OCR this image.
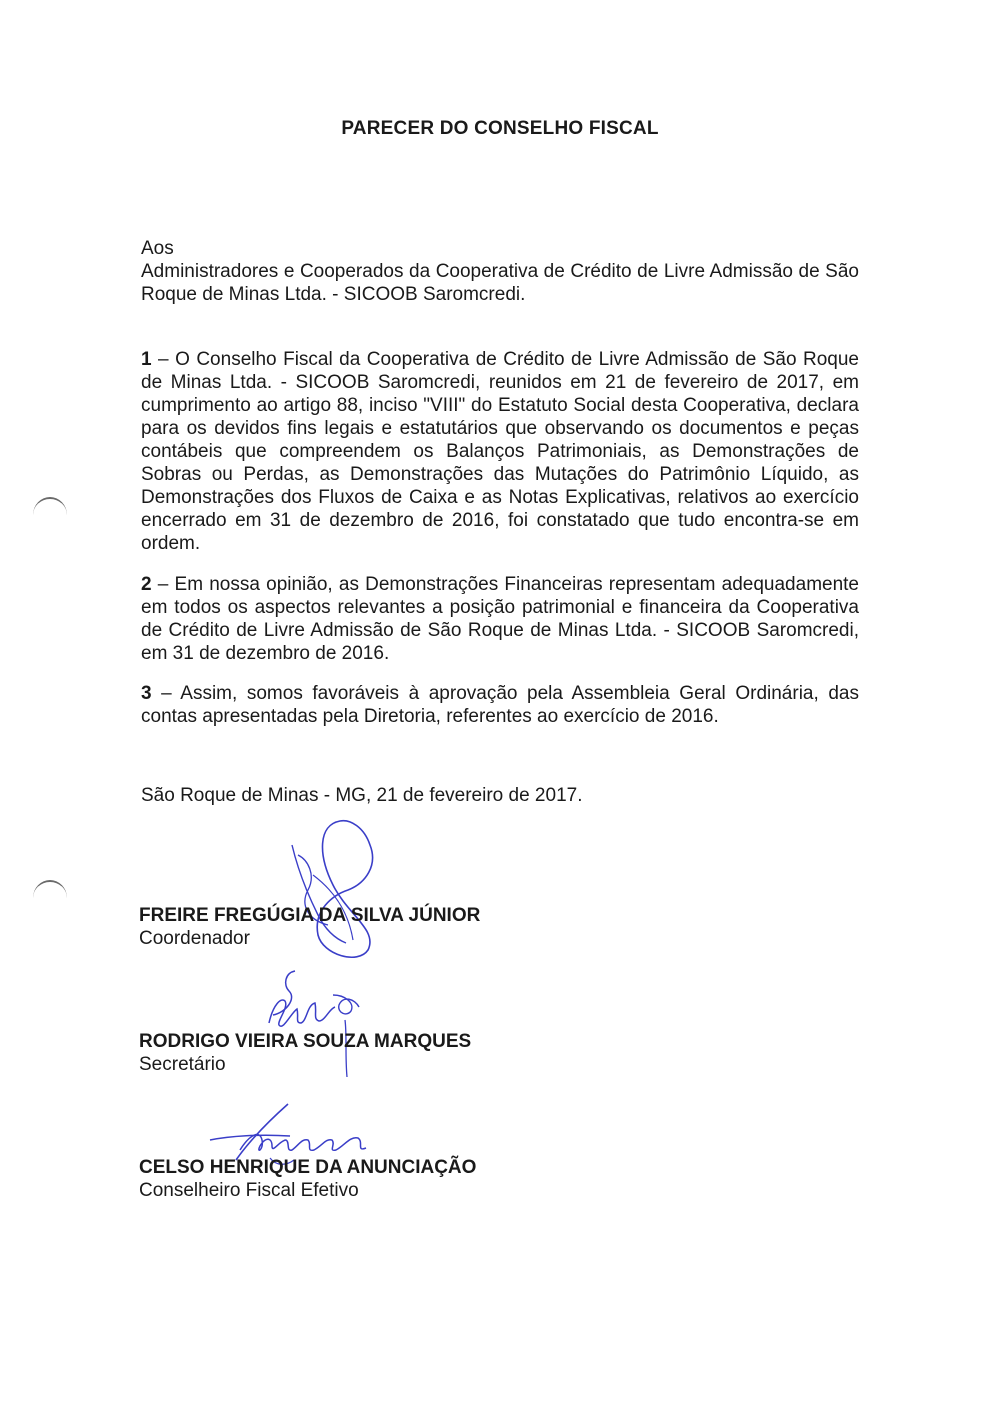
PARECER DO CONSELHO FISCAL
Aos
Administradores e Cooperados da Cooperativa de Crédito de Livre Admissão de São Roque de Minas Ltda. - SICOOB Saromcredi.
1 – O Conselho Fiscal da Cooperativa de Crédito de Livre Admissão de São Roque de Minas Ltda. - SICOOB Saromcredi, reunidos em 21 de fevereiro de 2017, em cumprimento ao artigo 88, inciso "VIII" do Estatuto Social desta Cooperativa, declara para os devidos fins legais e estatutários que observando os documentos e peças contábeis que compreendem os Balanços Patrimoniais, as Demonstrações de Sobras ou Perdas, as Demonstrações das Mutações do Patrimônio Líquido, as Demonstrações dos Fluxos de Caixa e as Notas Explicativas, relativos ao exercício encerrado em 31 de dezembro de 2016, foi constatado que tudo encontra-se em ordem.
2 – Em nossa opinião, as Demonstrações Financeiras representam adequadamente em todos os aspectos relevantes a posição patrimonial e financeira da Cooperativa de Crédito de Livre Admissão de São Roque de Minas Ltda. - SICOOB Saromcredi, em 31 de dezembro de 2016.
3 – Assim, somos favoráveis à aprovação pela Assembleia Geral Ordinária, das contas apresentadas pela Diretoria, referentes ao exercício de 2016.
São Roque de Minas - MG, 21 de fevereiro de 2017.
FREIRE FREGÚGIA DA SILVA JÚNIOR
Coordenador
RODRIGO VIEIRA SOUZA MARQUES
Secretário
CELSO HENRIQUE DA ANUNCIAÇÃO
Conselheiro Fiscal Efetivo
